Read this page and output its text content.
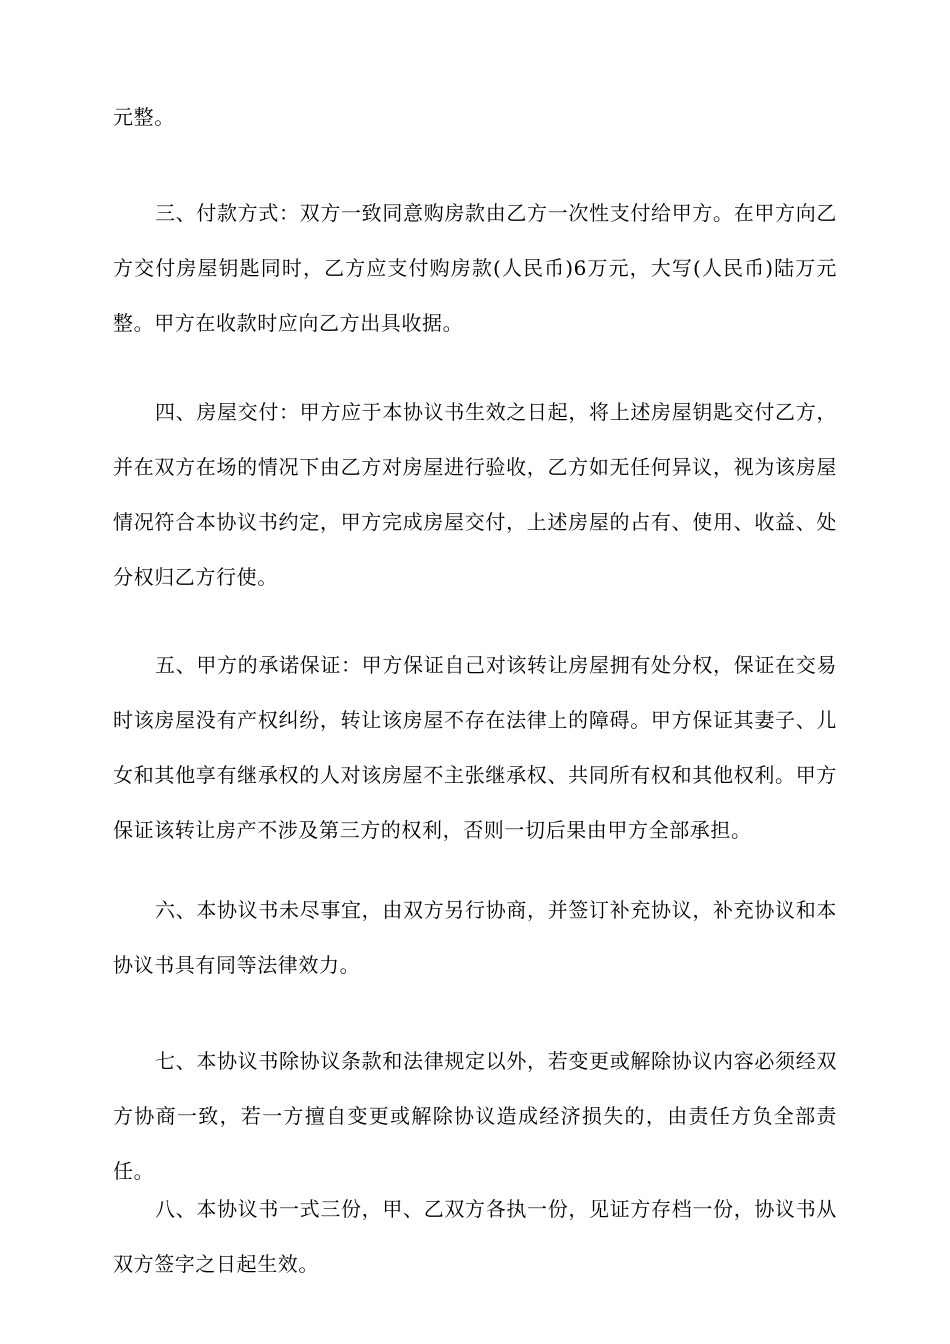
元整。

三、付款方式：双方一致同意购房款由乙方一次性支付给甲方。在甲方向乙方交付房屋钥匙同时，乙方应支付购房款(人民币)6万元，大写(人民币)陆万元整。甲方在收款时应向乙方出具收据。

四、房屋交付：甲方应于本协议书生效之日起，将上述房屋钥匙交付乙方，并在双方在场的情况下由乙方对房屋进行验收，乙方如无任何异议，视为该房屋情况符合本协议书约定，甲方完成房屋交付，上述房屋的占有、使用、收益、处分权归乙方行使。

五、甲方的承诺保证：甲方保证自己对该转让房屋拥有处分权，保证在交易时该房屋没有产权纠纷，转让该房屋不存在法律上的障碍。甲方保证其妻子、儿女和其他享有继承权的人对该房屋不主张继承权、共同所有权和其他权利。甲方保证该转让房产不涉及第三方的权利，否则一切后果由甲方全部承担。

六、本协议书未尽事宜，由双方另行协商，并签订补充协议，补充协议和本协议书具有同等法律效力。

七、本协议书除协议条款和法律规定以外，若变更或解除协议内容必须经双方协商一致，若一方擅自变更或解除协议造成经济损失的，由责任方负全部责任。

八、本协议书一式三份，甲、乙双方各执一份，见证方存档一份，协议书从双方签字之日起生效。
